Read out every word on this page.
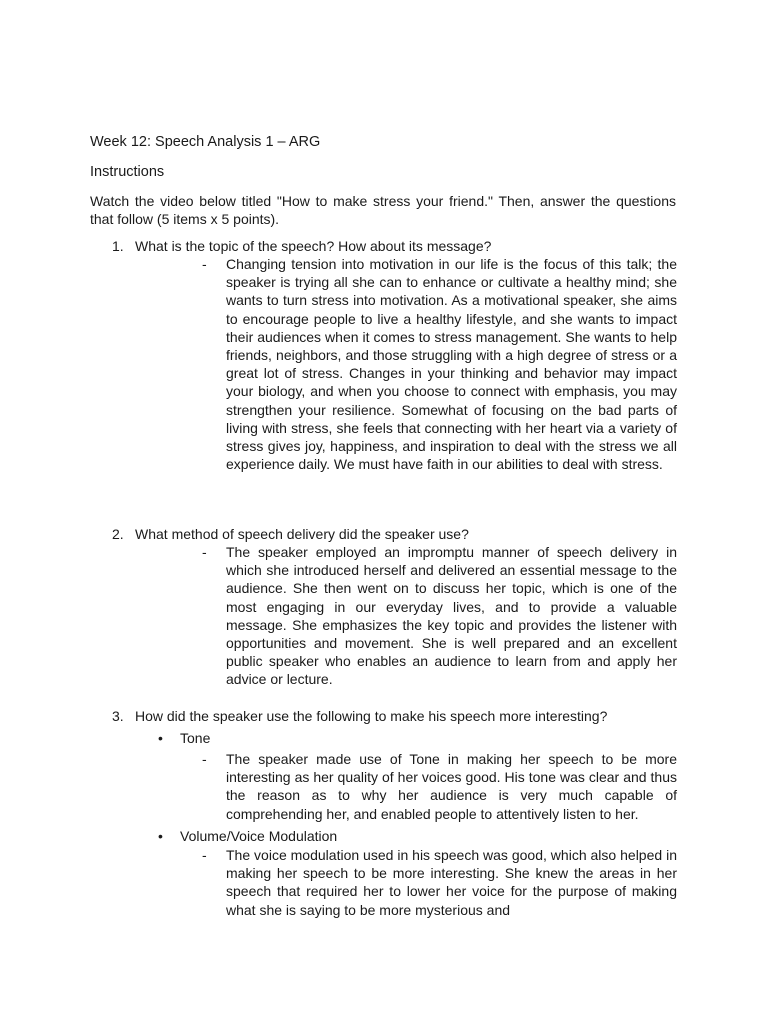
Week 12: Speech Analysis 1 – ARG
Instructions
Watch the video below titled "How to make stress your friend." Then, answer the questions that follow (5 items x 5 points).
1. What is the topic of the speech? How about its message?
- Changing tension into motivation in our life is the focus of this talk; the speaker is trying all she can to enhance or cultivate a healthy mind; she wants to turn stress into motivation. As a motivational speaker, she aims to encourage people to live a healthy lifestyle, and she wants to impact their audiences when it comes to stress management. She wants to help friends, neighbors, and those struggling with a high degree of stress or a great lot of stress. Changes in your thinking and behavior may impact your biology, and when you choose to connect with emphasis, you may strengthen your resilience. Somewhat of focusing on the bad parts of living with stress, she feels that connecting with her heart via a variety of stress gives joy, happiness, and inspiration to deal with the stress we all experience daily. We must have faith in our abilities to deal with stress.
2. What method of speech delivery did the speaker use?
- The speaker employed an impromptu manner of speech delivery in which she introduced herself and delivered an essential message to the audience. She then went on to discuss her topic, which is one of the most engaging in our everyday lives, and to provide a valuable message. She emphasizes the key topic and provides the listener with opportunities and movement. She is well prepared and an excellent public speaker who enables an audience to learn from and apply her advice or lecture.
3. How did the speaker use the following to make his speech more interesting?
• Tone
- The speaker made use of Tone in making her speech to be more interesting as her quality of her voices good. His tone was clear and thus the reason as to why her audience is very much capable of comprehending her, and enabled people to attentively listen to her.
• Volume/Voice Modulation
- The voice modulation used in his speech was good, which also helped in making her speech to be more interesting. She knew the areas in her speech that required her to lower her voice for the purpose of making what she is saying to be more mysterious and
